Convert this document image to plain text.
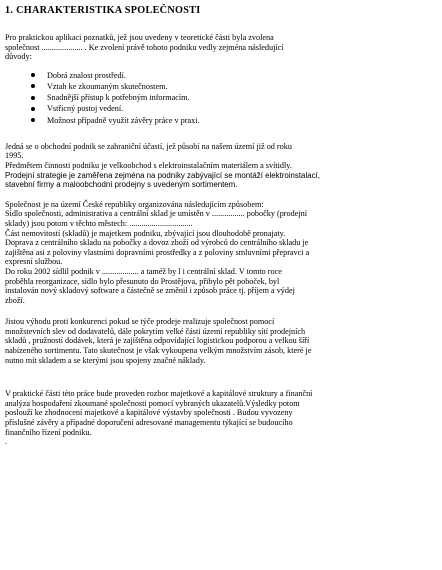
1. CHARAKTERISTIKA SPOLEČNOSTI
Pro praktickou aplikaci poznatků, jež jsou uvedeny v teoretické části byla zvolena
společnost .................... . Ke zvolení právě tohoto podniku vedly zejména následující
důvody:
Dobrá znalost prostředí.
Vztah ke zkoumaným skutečnostem.
Snadnější přístup k potřebným informacím.
Vstřícný postoj vedení.
Možnost případně využít závěry práce v praxi.
Jedná se o obchodní podnik se zahraniční účastí, jež působí na našem území již od roku
1995.
Předmětem činnosti podniku je velkoobchod s elektroinstalačním materiálem a svítidly.
Prodejní strategie je zaměřena zejména na podniky zabývající se montáží elektroinstalací,
stavební firmy a maloobchodní prodejny s uvedeným sortimentem.
Společnost je na území České republiky organizována následujícím způsobem:
Sídlo společnosti, administrativa a centrální sklad je umístěn v ................ pobočky (prodejní
sklady) jsou potom v těchto městech: ...............................
Část nemovitostí (skladů) je majetkem podniku, zbývající jsou dlouhodobě pronajaty.
Doprava z centrálního skladu na pobočky a dovoz zboží od výrobců do centrálního skladu je
zajištěna asi z poloviny vlastními dopravními prostředky a z poloviny smluvními přepravci a
expresní službou.
Do roku 2002 sídlil podnik v .................. a taméž by l i centrální sklad. V tomto roce
proběhla reorganizace, sídlo bylo přesunuto do Prostějova, přibylo pět poboček, byl
instalován nový skladový software a částečně se změnil i způsob práce tj. příjem a výdej
zboží.
Jistou výhodu proti konkurenci pokud se týče prodeje realizuje společnost pomocí
množstevních slev od dodavatelů, dále pokrytím velké části území republiky sítí prodejních
skladů , pružností dodávek, která je zajištěna odpovídající logistickou podporou a velkou šíří
nabízeného sortimentu. Tato skutečnost je však vykoupena velkým množstvím zásob, které je
nutno mít skladem a se kterými jsou spojeny značné náklady.
V praktické části této práce bude proveden rozbor majetkové a kapitálové struktury a finanční
analýza hospodaření zkoumané společnosti pomocí vybraných ukazatelů.Výsledky potom
poslouží ke zhodnocení majetkové a kapitálové výstavby společnosti . Budou vyvozeny
příslušné závěry a případné doporučení adresované managementu týkající se budoucího
finančního řízení podniku.
.
